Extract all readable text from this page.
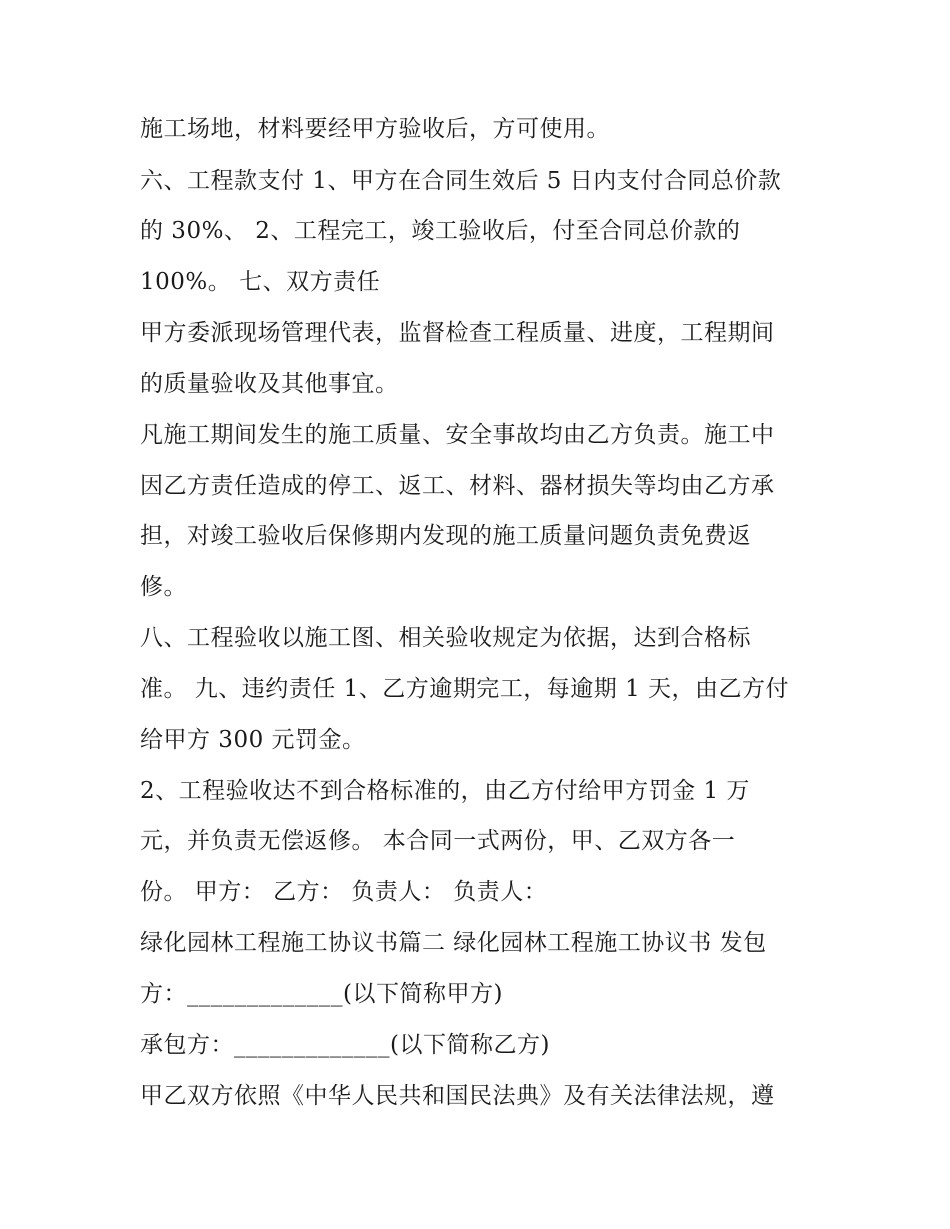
施工场地，材料要经甲方验收后，方可使用。
六、工程款支付 1、甲方在合同生效后 5 日内支付合同总价款
的 30%、 2、工程完工，竣工验收后，付至合同总价款的
100%。 七、双方责任
甲方委派现场管理代表，监督检查工程质量、进度，工程期间
的质量验收及其他事宜。
凡施工期间发生的施工质量、安全事故均由乙方负责。施工中
因乙方责任造成的停工、返工、材料、器材损失等均由乙方承
担，对竣工验收后保修期内发现的施工质量问题负责免费返
修。
八、工程验收以施工图、相关验收规定为依据，达到合格标
准。 九、违约责任 1、乙方逾期完工，每逾期 1 天，由乙方付
给甲方 300 元罚金。
2、工程验收达不到合格标准的，由乙方付给甲方罚金 1 万
元，并负责无偿返修。 本合同一式两份，甲、乙双方各一
份。 甲方： 乙方： 负责人： 负责人：
绿化园林工程施工协议书篇二 绿化园林工程施工协议书 发包
方：_____________(以下简称甲方)
承包方：_____________(以下简称乙方)
甲乙双方依照《中华人民共和国民法典》及有关法律法规，遵
